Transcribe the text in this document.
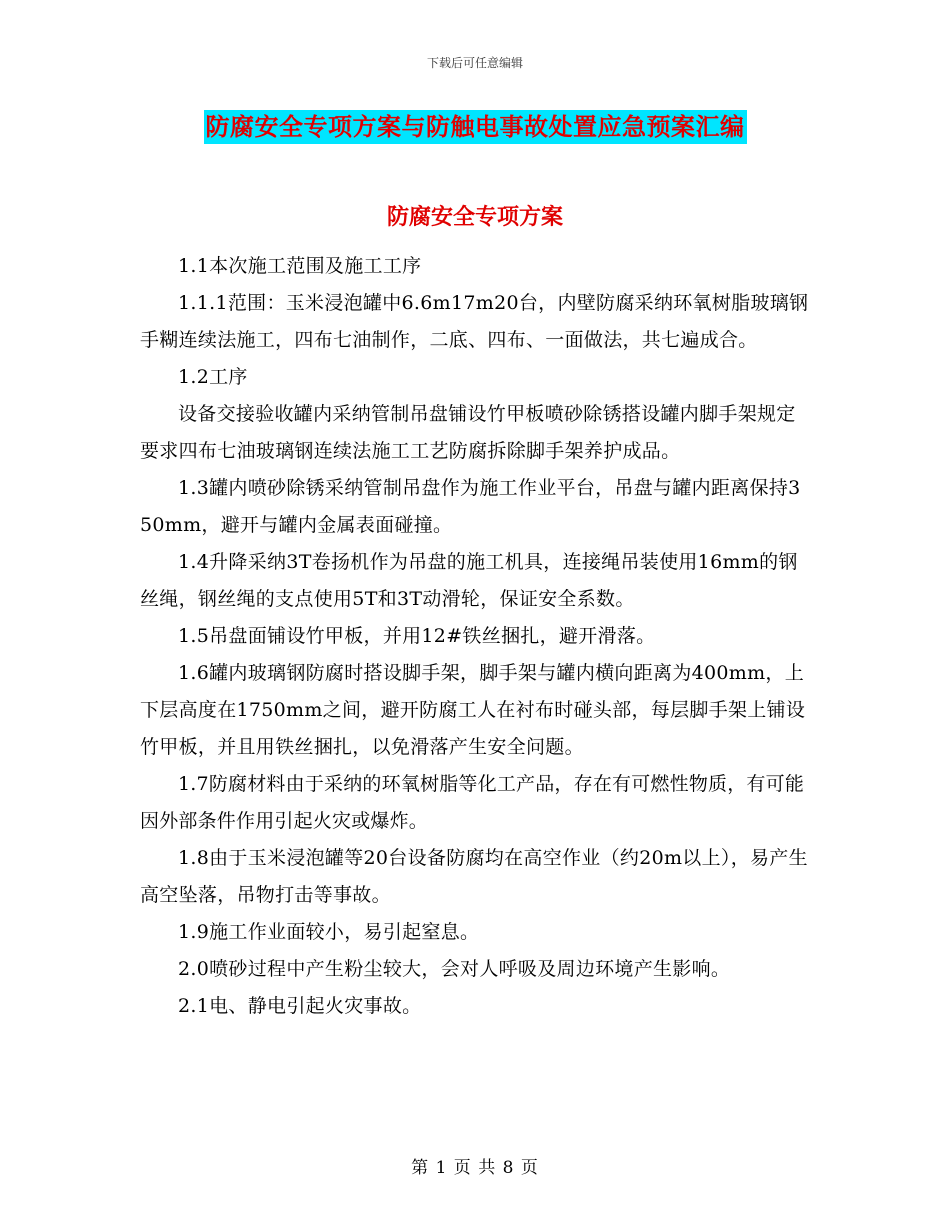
下载后可任意编辑
防腐安全专项方案与防触电事故处置应急预案汇编
防腐安全专项方案

1.1本次施工范围及施工工序

1.1.1范围：玉米浸泡罐中6.6m17m20台，内壁防腐采纳环氧树脂玻璃钢手糊连续法施工，四布七油制作，二底、四布、一面做法，共七遍成合。

1.2工序

设备交接验收罐内采纳管制吊盘铺设竹甲板喷砂除锈搭设罐内脚手架规定要求四布七油玻璃钢连续法施工工艺防腐拆除脚手架养护成品。

1.3罐内喷砂除锈采纳管制吊盘作为施工作业平台，吊盘与罐内距离保持350mm，避开与罐内金属表面碰撞。

1.4升降采纳3T卷扬机作为吊盘的施工机具，连接绳吊装使用16mm的钢丝绳，钢丝绳的支点使用5T和3T动滑轮，保证安全系数。

1.5吊盘面铺设竹甲板，并用12#铁丝捆扎，避开滑落。

1.6罐内玻璃钢防腐时搭设脚手架，脚手架与罐内横向距离为400mm，上下层高度在1750mm之间，避开防腐工人在衬布时碰头部，每层脚手架上铺设竹甲板，并且用铁丝捆扎，以免滑落产生安全问题。

1.7防腐材料由于采纳的环氧树脂等化工产品，存在有可燃性物质，有可能因外部条件作用引起火灾或爆炸。

1.8由于玉米浸泡罐等20台设备防腐均在高空作业（约20m以上），易产生高空坠落，吊物打击等事故。

1.9施工作业面较小，易引起窒息。

2.0喷砂过程中产生粉尘较大，会对人呼吸及周边环境产生影响。

2.1电、静电引起火灾事故。

第 1 页 共 8 页
